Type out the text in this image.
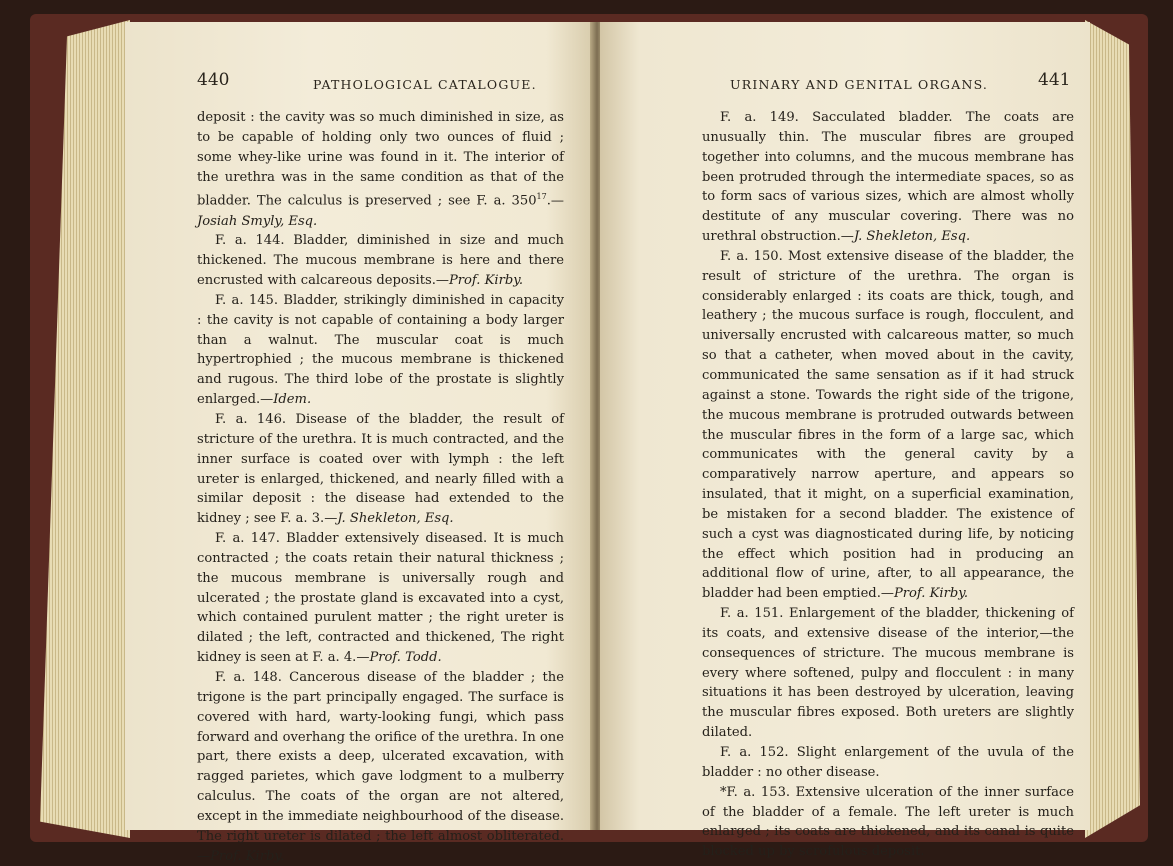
440	PATHOLOGICAL CATALOGUE.

deposit : the cavity was so much diminished in size, as to be capable of holding only two ounces of fluid ; some whey-like urine was found in it. The interior of the urethra was in the same condition as that of the bladder. The calculus is preserved ; see F. a. $350^{17}.—Josiah$ Smyly, Esq.

F. a. 144. Bladder, diminished in size and much thickened. The mucous membrane is here and there encrusted with calcareous deposits.—Prof. Kirby.

F. a. 145. Bladder, strikingly diminished in capacity : the cavity is not capable of containing a body larger than a walnut. The muscular coat is much hypertrophied ; the mucous membrane is thickened and rugous. The third lobe of the prostate is slightly enlarged.—Idem.

F. a. 146. Disease of the bladder, the result of stricture of the urethra. It is much contracted, and the inner surface is coated over with lymph : the left ureter is enlarged, thickened, and nearly filled with a similar deposit : the disease had extended to the kidney ; see F. a. 3.—J. Shekleton, Esq.

F. a. 147. Bladder extensively diseased. It is much contracted ; the coats retain their natural thickness ; the mucous membrane is universally rough and ulcerated ; the prostate gland is excavated into a cyst, which contained purulent matter ; the right ureter is dilated ; the left, contracted and thickened, The right kidney is seen at F. a. 4.—Prof. Todd.

F. a. 148. Cancerous disease of the bladder ; the trigone is the part principally engaged. The surface is covered with hard, warty-looking fungi, which pass forward and overhang the orifice of the urethra. In one part, there exists a deep, ulcerated excavation, with ragged parietes, which gave lodgment to a mulberry calculus. The coats of the organ are not altered, except in the immediate neighbourhood of the disease. The right ureter is dilated ; the left almost obliterated.—Prof. Kirby.

URINARY AND GENITAL ORGANS.	441

F. a. 149. Sacculated bladder. The coats are unusually thin. The muscular fibres are grouped together into columns, and the mucous membrane has been protruded through the intermediate spaces, so as to form sacs of various sizes, which are almost wholly destitute of any muscular covering. There was no urethral obstruction.—J. Shekleton, Esq.

F. a. 150. Most extensive disease of the bladder, the result of stricture of the urethra. The organ is considerably enlarged : its coats are thick, tough, and leathery ; the mucous surface is rough, flocculent, and universally encrusted with calcareous matter, so much so that a catheter, when moved about in the cavity, communicated the same sensation as if it had struck against a stone. Towards the right side of the trigone, the mucous membrane is protruded outwards between the muscular fibres in the form of a large sac, which communicates with the general cavity by a comparatively narrow aperture, and appears so insulated, that it might, on a superficial examination, be mistaken for a second bladder. The existence of such a cyst was diagnosticated during life, by noticing the effect which position had in producing an additional flow of urine, after, to all appearance, the bladder had been emptied.—Prof. Kirby.

F. a. 151. Enlargement of the bladder, thickening of its coats, and extensive disease of the interior,—the consequences of stricture. The mucous membrane is every where softened, pulpy and flocculent : in many situations it has been destroyed by ulceration, leaving the muscular fibres exposed. Both ureters are slightly dilated.

F. a. 152. Slight enlargement of the uvula of the bladder : no other disease.

*F. a. 153. Extensive ulceration of the inner surface of the bladder of a female. The left ureter is much enlarged ; its coats are thickened, and its canal is quite blocked up by scrofulous deposit.
